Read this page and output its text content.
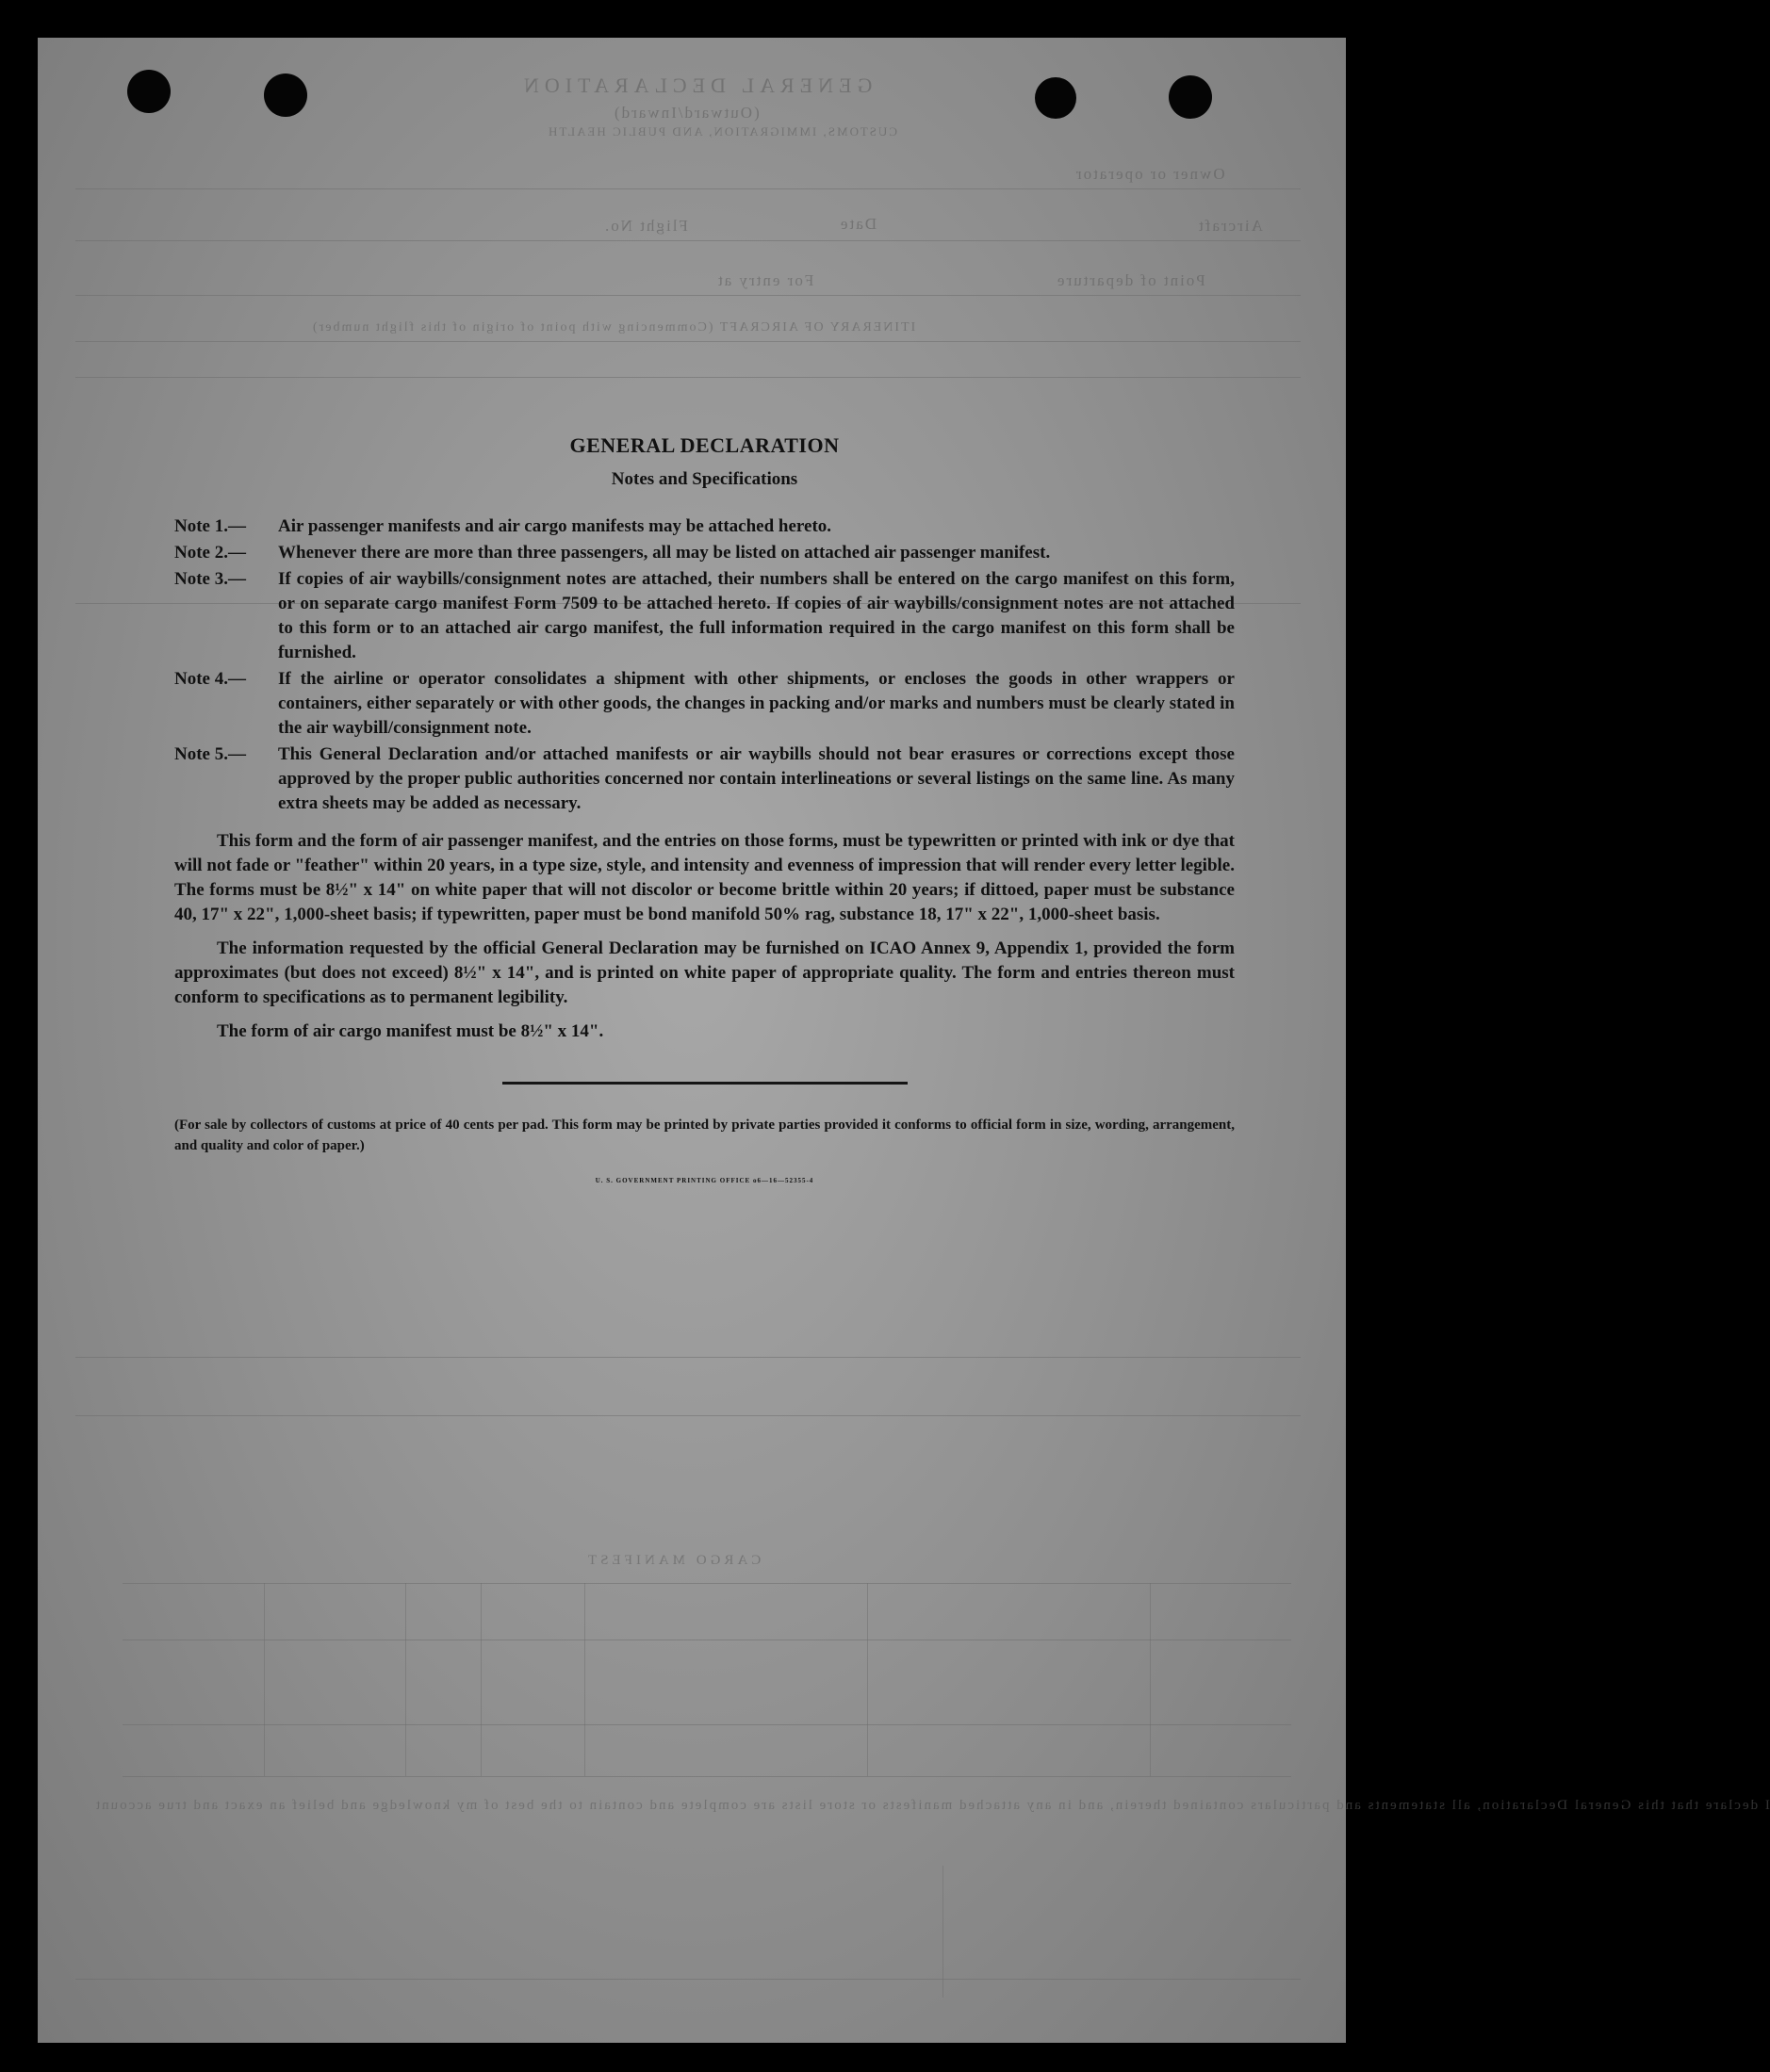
GENERAL DECLARATION
(Outward/Inward)
CUSTOMS, IMMIGRATION, AND PUBLIC HEALTH
Owner or operator
Date
Flight No.	Aircraft
For entry at	Point of departure
ITINERARY OF AIRCRAFT (Commencing with point of origin of this flight number)
CARGO MANIFEST
I declare that this General Declaration, all statements and particulars contained therein, and in any attached manifests or store lists are complete and contain to the best of my knowledge and belief an exact and true account
GENERAL DECLARATION
Notes and Specifications
Note 1.—	Air passenger manifests and air cargo manifests may be attached hereto.
Note 2.—	Whenever there are more than three passengers, all may be listed on attached air passenger manifest.
Note 3.—	If copies of air waybills/consignment notes are attached, their numbers shall be entered on the cargo manifest on this form, or on separate cargo manifest Form 7509 to be attached hereto. If copies of air waybills/consignment notes are not attached to this form or to an attached air cargo manifest, the full information required in the cargo manifest on this form shall be furnished.
Note 4.—	If the airline or operator consolidates a shipment with other shipments, or encloses the goods in other wrappers or containers, either separately or with other goods, the changes in packing and/or marks and numbers must be clearly stated in the air waybill/consignment note.
Note 5.—	This General Declaration and/or attached manifests or air waybills should not bear erasures or corrections except those approved by the proper public authorities concerned nor contain interlineations or several listings on the same line. As many extra sheets may be added as necessary.

This form and the form of air passenger manifest, and the entries on those forms, must be typewritten or printed with ink or dye that will not fade or "feather" within 20 years, in a type size, style, and intensity and evenness of impression that will render every letter legible. The forms must be 8½" x 14" on white paper that will not discolor or become brittle within 20 years; if dittoed, paper must be substance 40, 17" x 22", 1,000-sheet basis; if typewritten, paper must be bond manifold 50% rag, substance 18, 17" x 22", 1,000-sheet basis.

The information requested by the official General Declaration may be furnished on ICAO Annex 9, Appendix 1, provided the form approximates (but does not exceed) 8½" x 14", and is printed on white paper of appropriate quality. The form and entries thereon must conform to specifications as to permanent legibility.

The form of air cargo manifest must be 8½" x 14".

(For sale by collectors of customs at price of 40 cents per pad. This form may be printed by private parties provided it conforms to official form in size, wording, arrangement, and quality and color of paper.)

U. S. GOVERNMENT PRINTING OFFICE o6—16—52355-4
